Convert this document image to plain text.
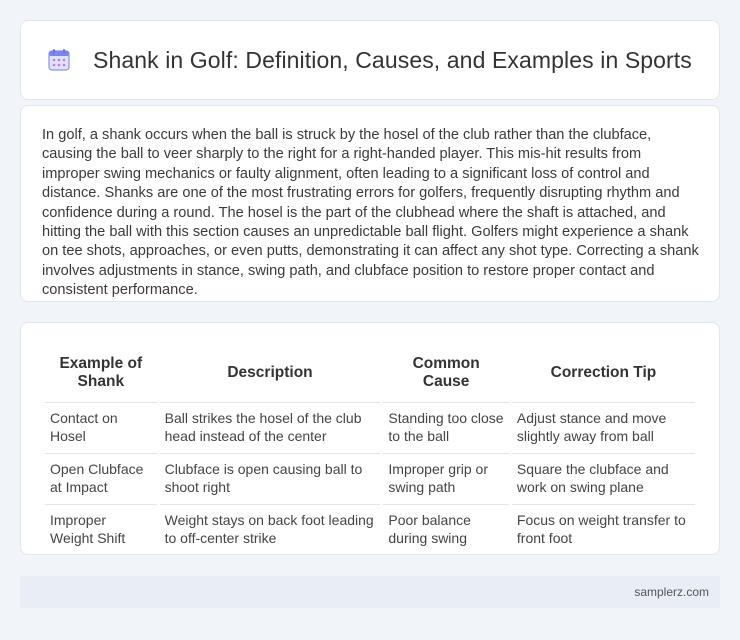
Shank in Golf: Definition, Causes, and Examples in Sports

In golf, a shank occurs when the ball is struck by the hosel of the club rather than the clubface, causing the ball to veer sharply to the right for a right-handed player. This mis-hit results from improper swing mechanics or faulty alignment, often leading to a significant loss of control and distance. Shanks are one of the most frustrating errors for golfers, frequently disrupting rhythm and confidence during a round. The hosel is the part of the clubhead where the shaft is attached, and hitting the ball with this section causes an unpredictable ball flight. Golfers might experience a shank on tee shots, approaches, or even putts, demonstrating it can affect any shot type. Correcting a shank involves adjustments in stance, swing path, and clubface position to restore proper contact and consistent performance.

Example of Shank	Description	Common Cause	Correction Tip
Contact on Hosel	Ball strikes the hosel of the club head instead of the center	Standing too close to the ball	Adjust stance and move slightly away from ball
Open Clubface at Impact	Clubface is open causing ball to shoot right	Improper grip or swing path	Square the clubface and work on swing plane
Improper Weight Shift	Weight stays on back foot leading to off-center strike	Poor balance during swing	Focus on weight transfer to front foot
samplerz.com
